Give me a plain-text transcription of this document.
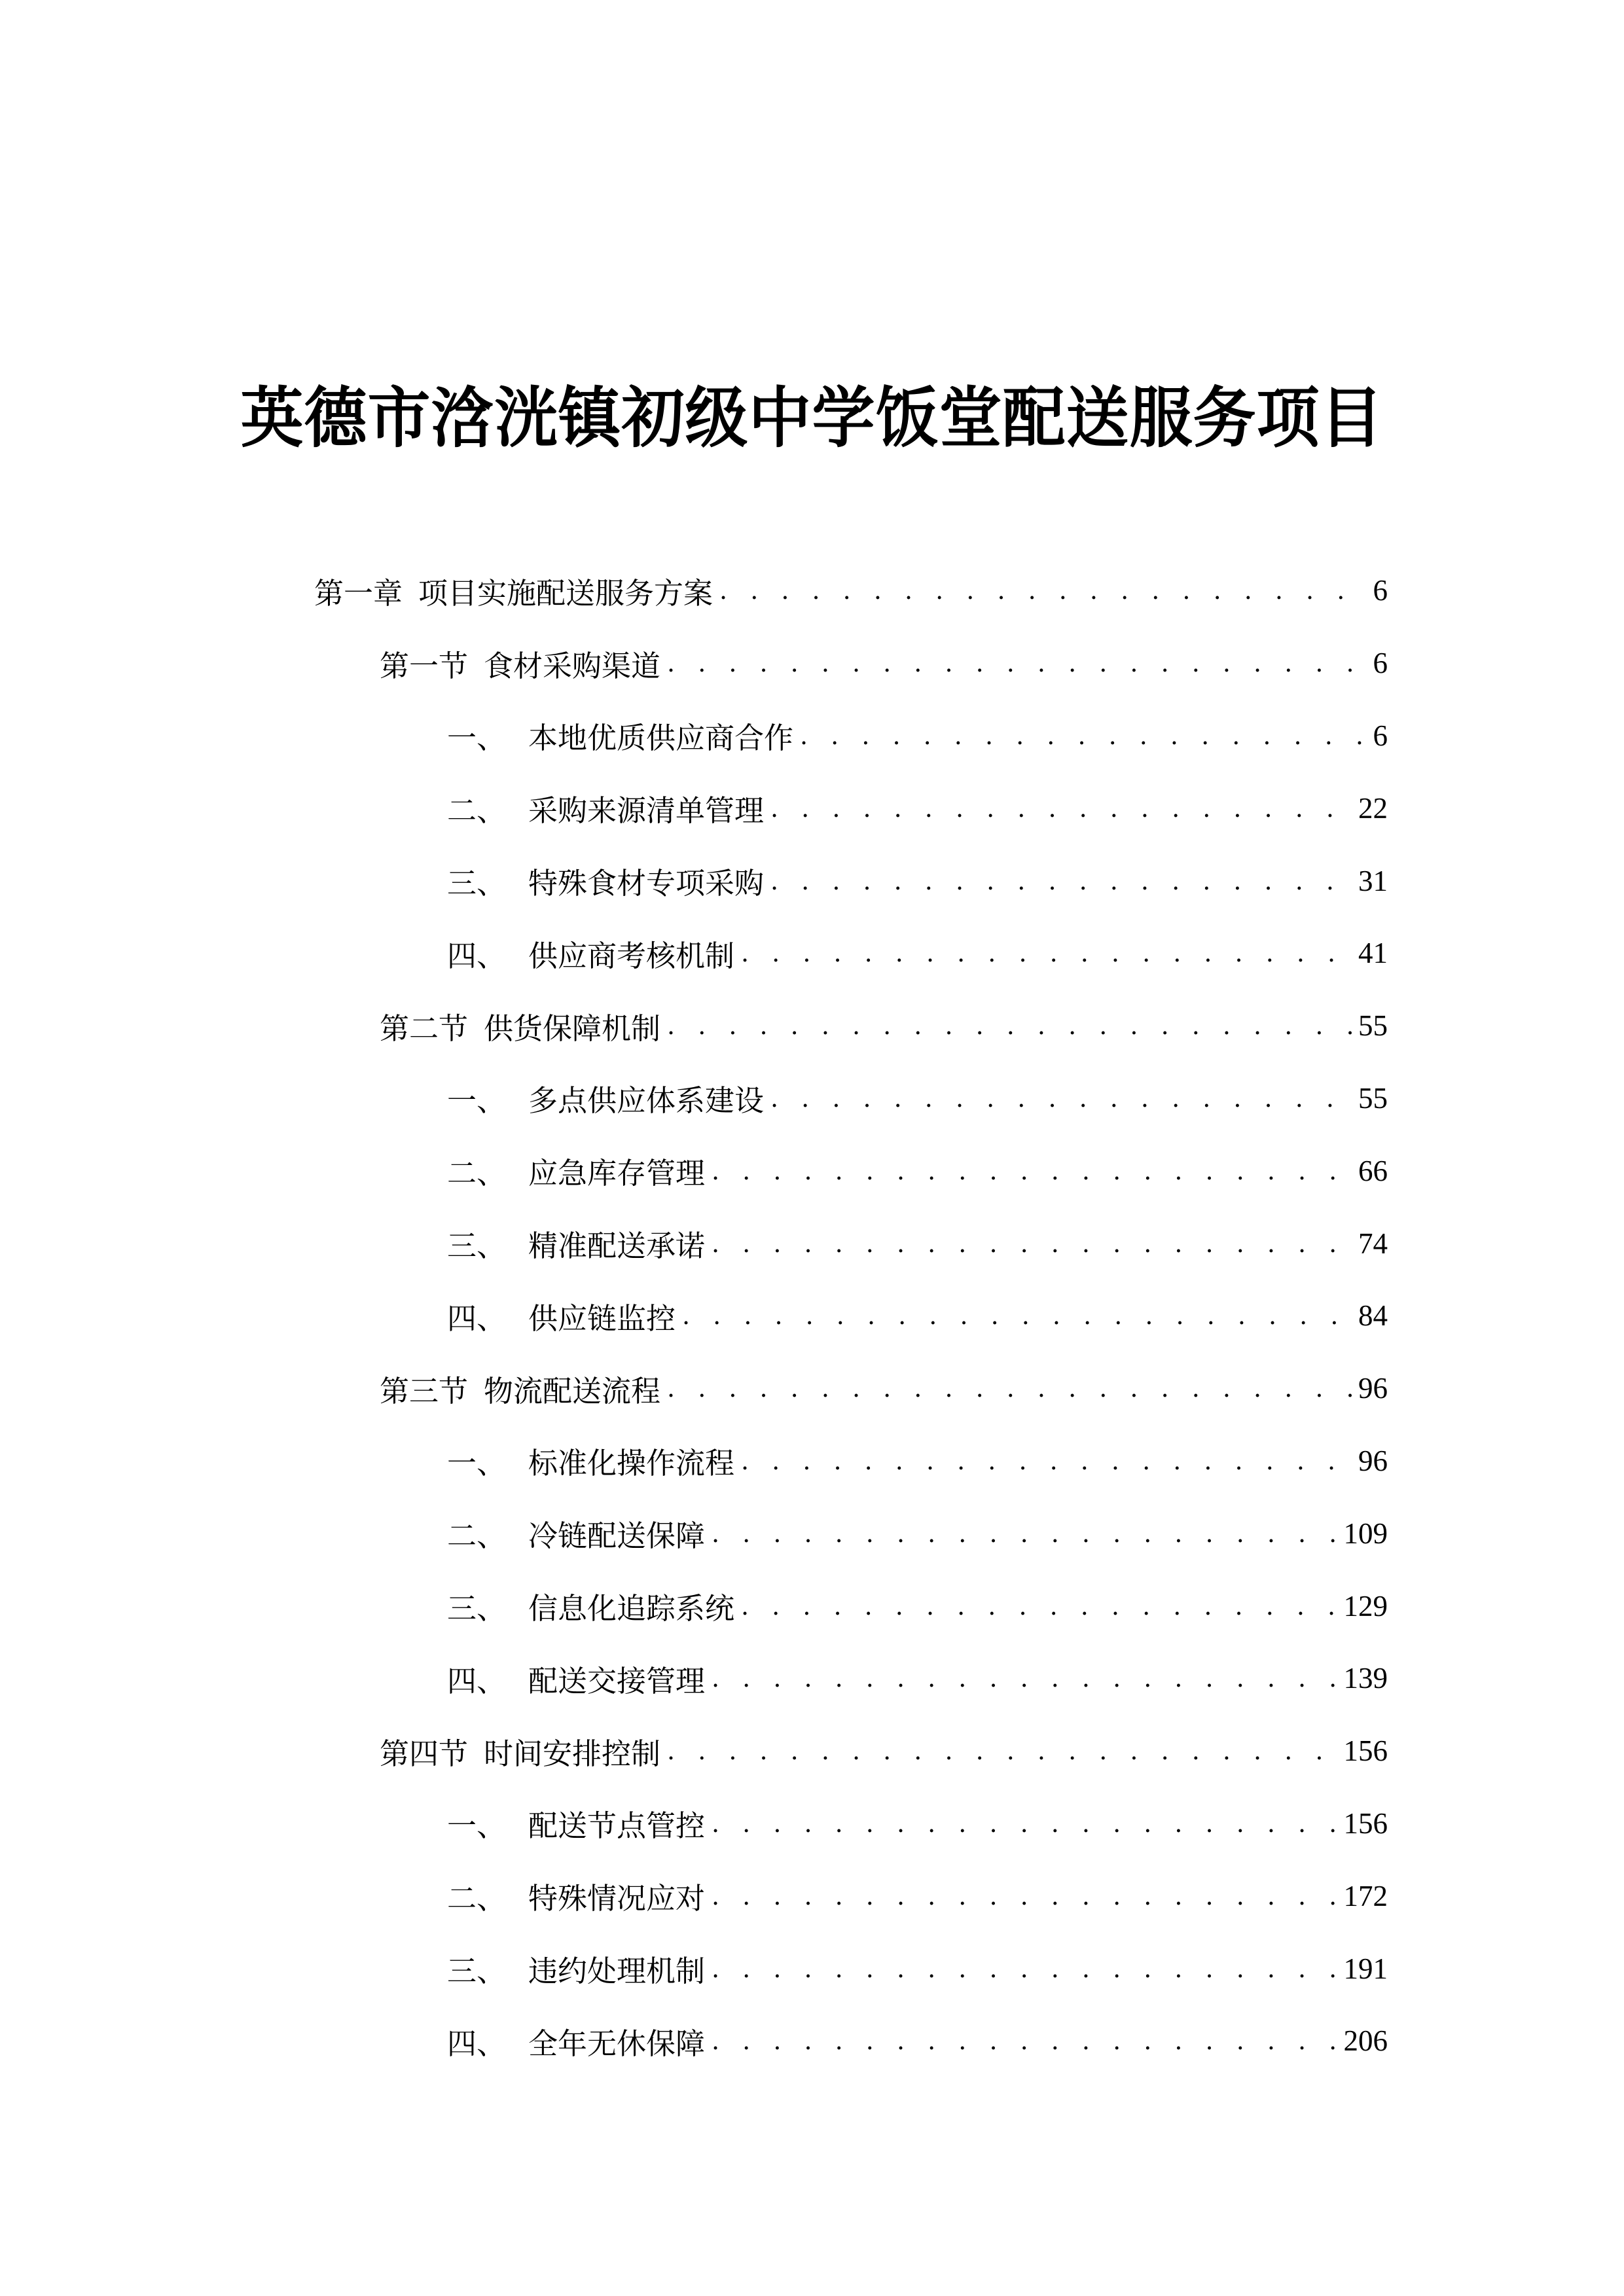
英德市浛洸镇初级中学饭堂配送服务项目
第一章 项目实施配送服务方案 . . .	6
第一节 食材采购渠道 . . .	6
一、 本地优质供应商合作 . . .	6
二、 采购来源清单管理 . . .	22
三、 特殊食材专项采购 . . .	31
四、 供应商考核机制 . . .	41
第二节 供货保障机制 . . .	55
一、 多点供应体系建设 . . .	55
二、 应急库存管理 . . .	66
三、 精准配送承诺 . . .	74
四、 供应链监控 . . .	84
第三节 物流配送流程 . . .	96
一、 标准化操作流程 . . .	96
二、 冷链配送保障 . . .	109
三、 信息化追踪系统 . . .	129
四、 配送交接管理 . . .	139
第四节 时间安排控制 . . .	156
一、 配送节点管控 . . .	156
二、 特殊情况应对 . . .	172
三、 违约处理机制 . . .	191
四、 全年无休保障 . . .	206
